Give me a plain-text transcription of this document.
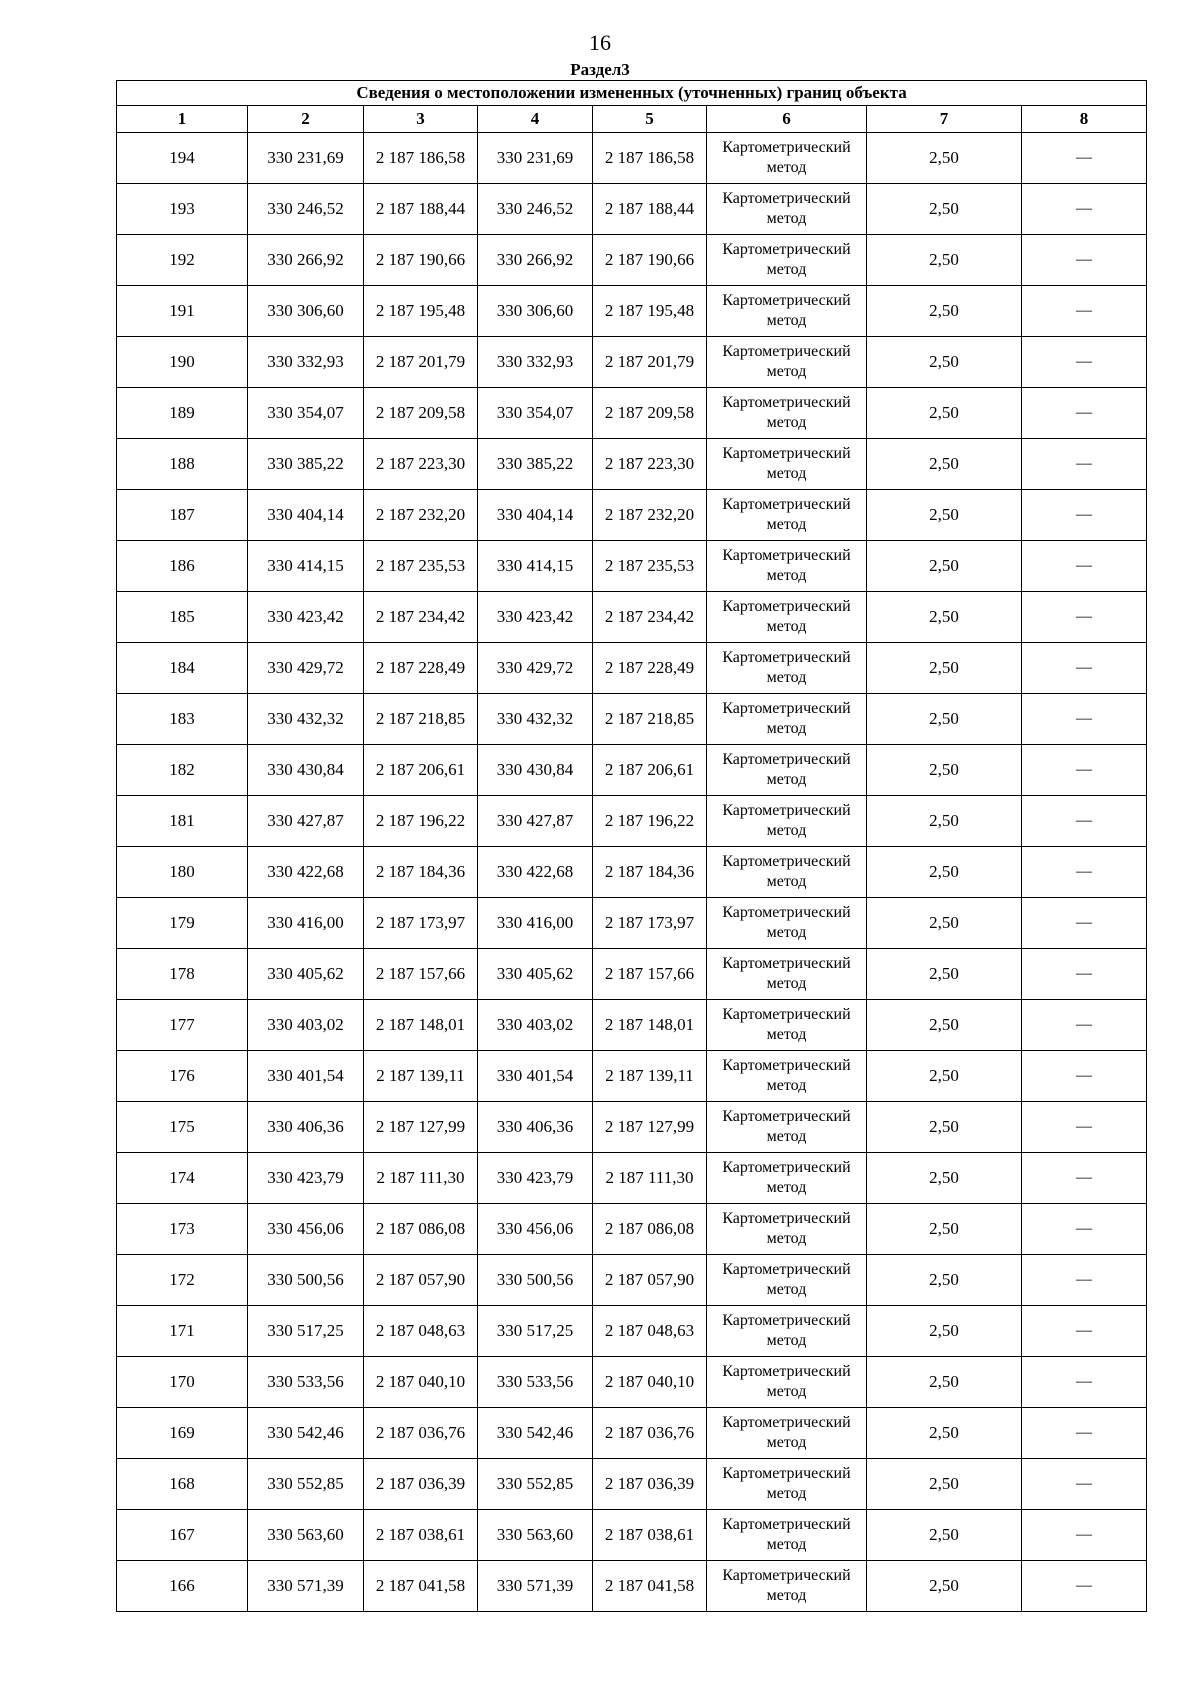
16
Раздел3
Сведения о местоположении измененных (уточненных) границ объекта							
1	2	3	4	5	6	7	8
194	330 231,69	2 187 186,58	330 231,69	2 187 186,58	Картометрический метод	2,50	—
193	330 246,52	2 187 188,44	330 246,52	2 187 188,44	Картометрический метод	2,50	—
192	330 266,92	2 187 190,66	330 266,92	2 187 190,66	Картометрический метод	2,50	—
191	330 306,60	2 187 195,48	330 306,60	2 187 195,48	Картометрический метод	2,50	—
190	330 332,93	2 187 201,79	330 332,93	2 187 201,79	Картометрический метод	2,50	—
189	330 354,07	2 187 209,58	330 354,07	2 187 209,58	Картометрический метод	2,50	—
188	330 385,22	2 187 223,30	330 385,22	2 187 223,30	Картометрический метод	2,50	—
187	330 404,14	2 187 232,20	330 404,14	2 187 232,20	Картометрический метод	2,50	—
186	330 414,15	2 187 235,53	330 414,15	2 187 235,53	Картометрический метод	2,50	—
185	330 423,42	2 187 234,42	330 423,42	2 187 234,42	Картометрический метод	2,50	—
184	330 429,72	2 187 228,49	330 429,72	2 187 228,49	Картометрический метод	2,50	—
183	330 432,32	2 187 218,85	330 432,32	2 187 218,85	Картометрический метод	2,50	—
182	330 430,84	2 187 206,61	330 430,84	2 187 206,61	Картометрический метод	2,50	—
181	330 427,87	2 187 196,22	330 427,87	2 187 196,22	Картометрический метод	2,50	—
180	330 422,68	2 187 184,36	330 422,68	2 187 184,36	Картометрический метод	2,50	—
179	330 416,00	2 187 173,97	330 416,00	2 187 173,97	Картометрический метод	2,50	—
178	330 405,62	2 187 157,66	330 405,62	2 187 157,66	Картометрический метод	2,50	—
177	330 403,02	2 187 148,01	330 403,02	2 187 148,01	Картометрический метод	2,50	—
176	330 401,54	2 187 139,11	330 401,54	2 187 139,11	Картометрический метод	2,50	—
175	330 406,36	2 187 127,99	330 406,36	2 187 127,99	Картометрический метод	2,50	—
174	330 423,79	2 187 111,30	330 423,79	2 187 111,30	Картометрический метод	2,50	—
173	330 456,06	2 187 086,08	330 456,06	2 187 086,08	Картометрический метод	2,50	—
172	330 500,56	2 187 057,90	330 500,56	2 187 057,90	Картометрический метод	2,50	—
171	330 517,25	2 187 048,63	330 517,25	2 187 048,63	Картометрический метод	2,50	—
170	330 533,56	2 187 040,10	330 533,56	2 187 040,10	Картометрический метод	2,50	—
169	330 542,46	2 187 036,76	330 542,46	2 187 036,76	Картометрический метод	2,50	—
168	330 552,85	2 187 036,39	330 552,85	2 187 036,39	Картометрический метод	2,50	—
167	330 563,60	2 187 038,61	330 563,60	2 187 038,61	Картометрический метод	2,50	—
166	330 571,39	2 187 041,58	330 571,39	2 187 041,58	Картометрический метод	2,50	—
